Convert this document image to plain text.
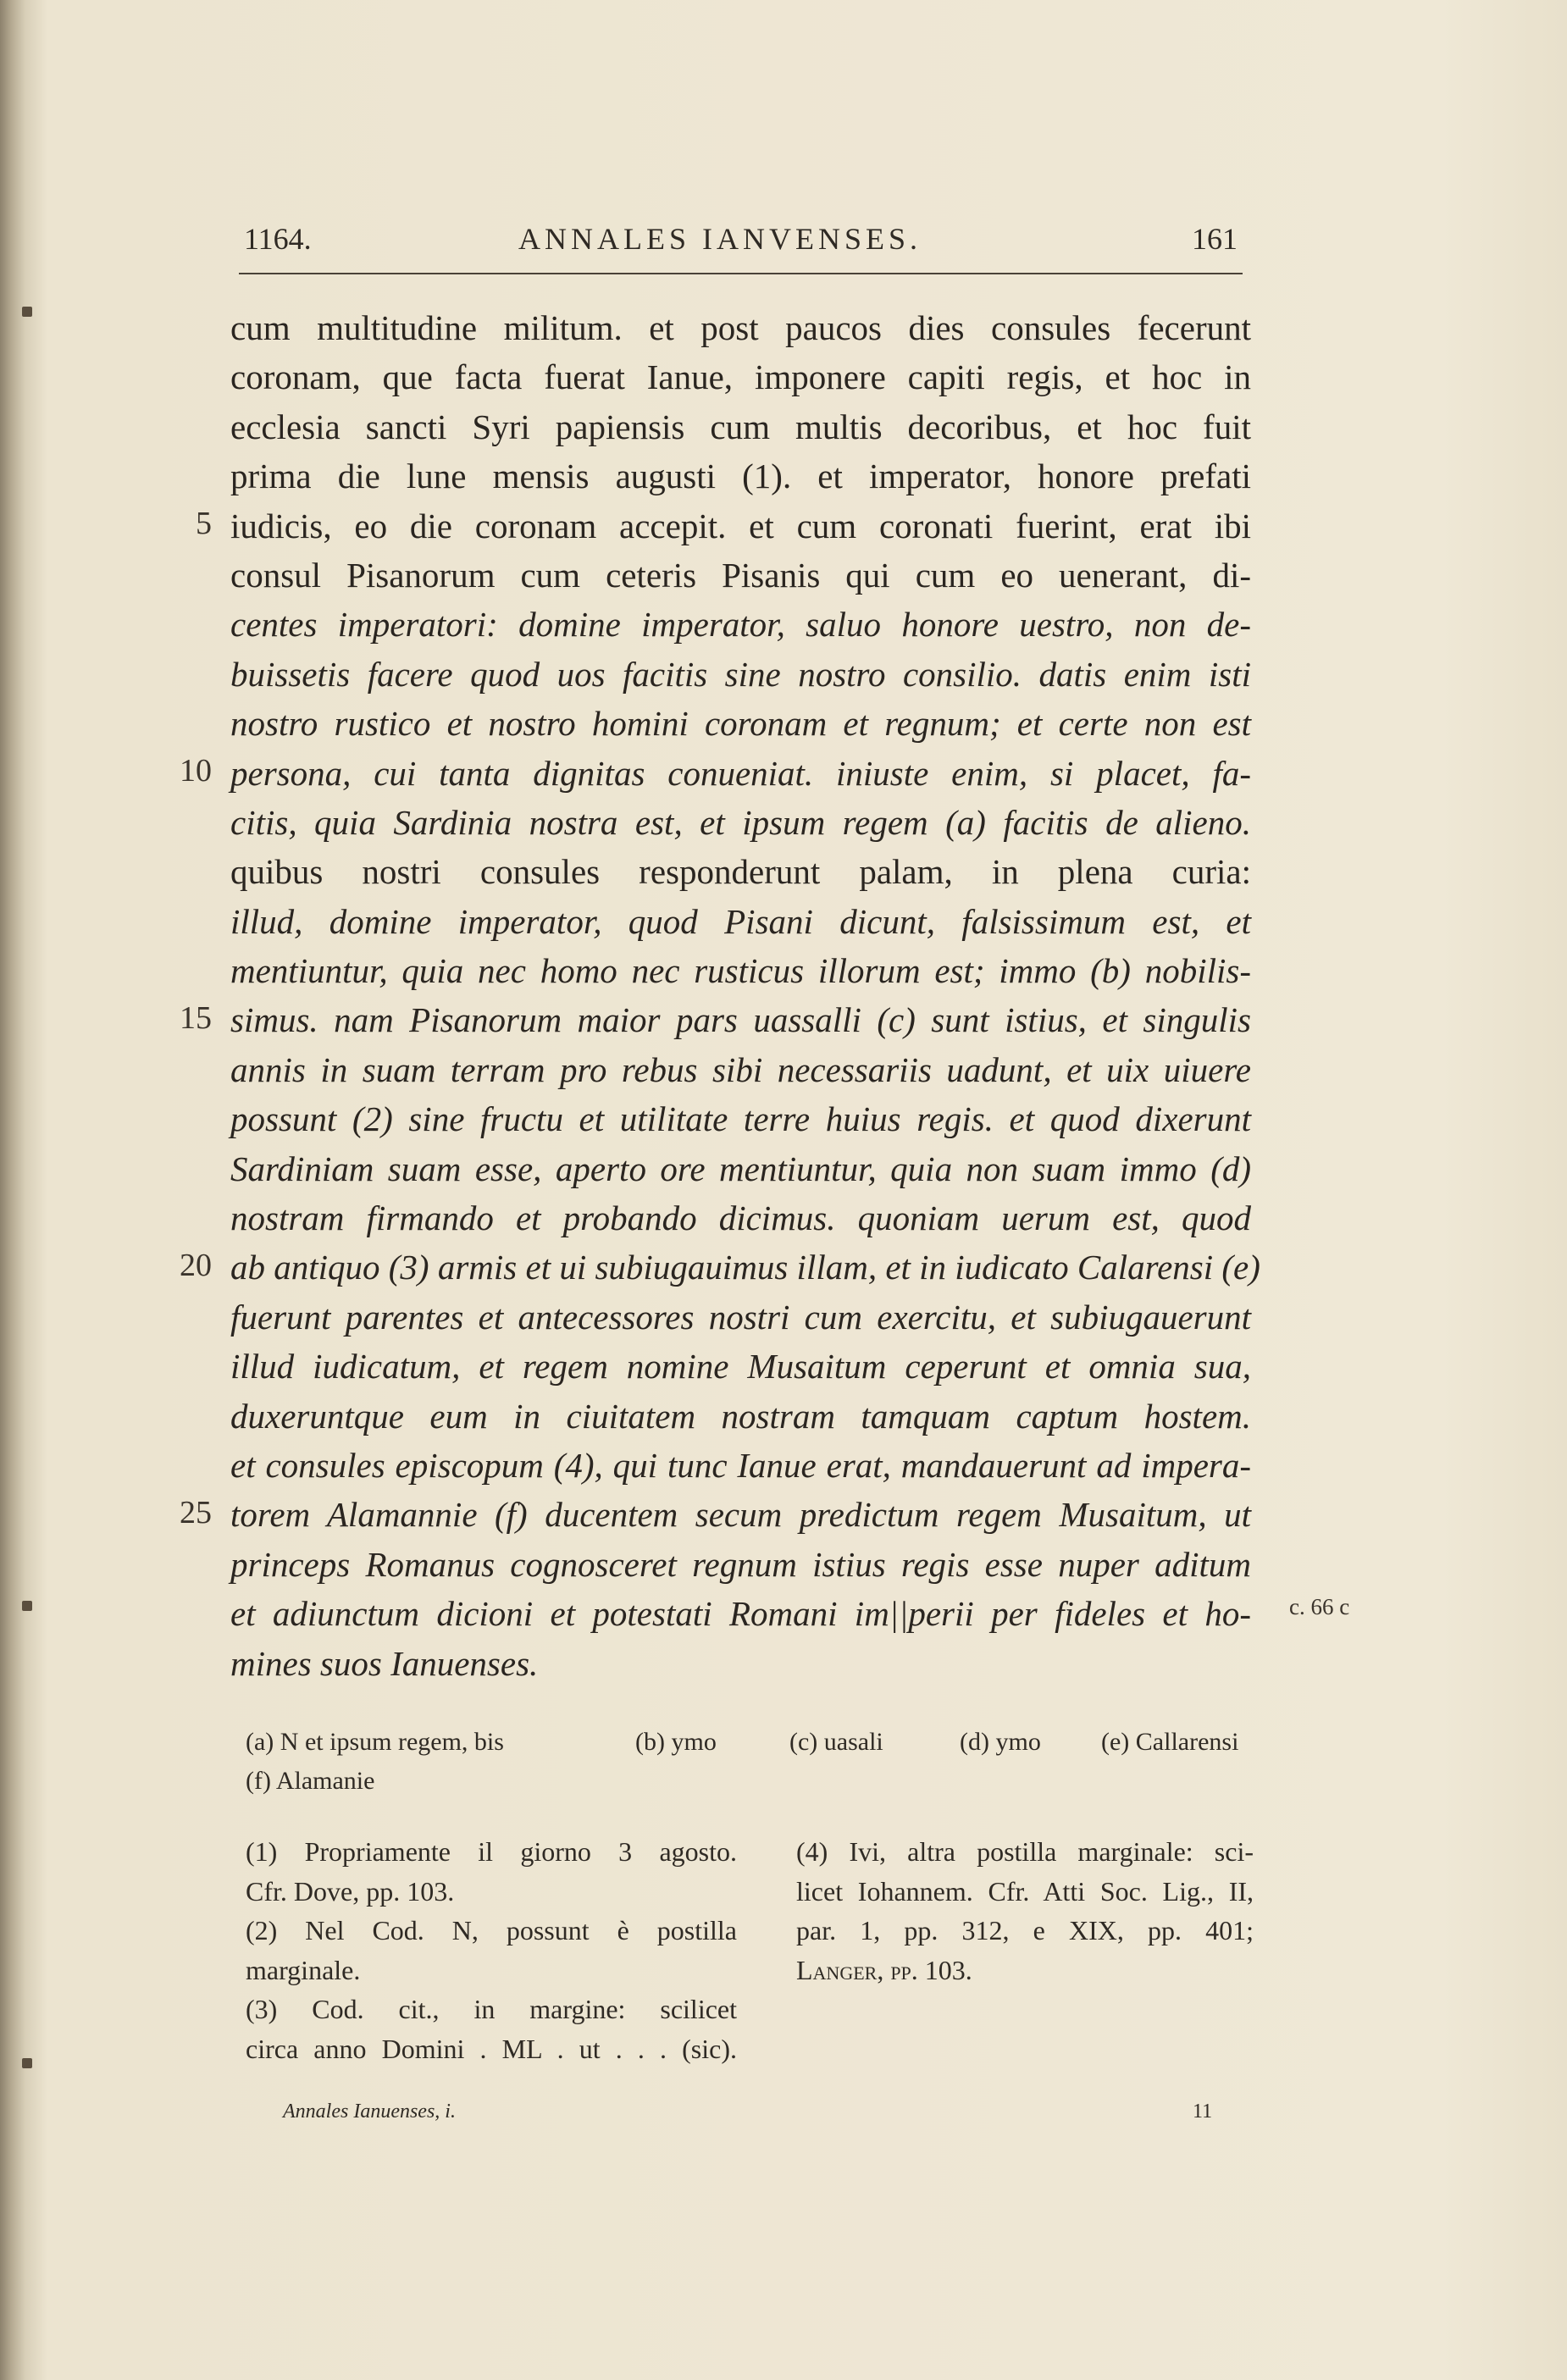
1164.	ANNALES IANVENSES.	161
cum multitudine militum. et post paucos dies consules fecerunt
coronam, que facta fuerat Ianue, imponere capiti regis, et hoc in
ecclesia sancti Syri papiensis cum multis decoribus, et hoc fuit
prima die lune mensis augusti (1). et imperator, honore prefati
iudicis, eo die coronam accepit. et cum coronati fuerint, erat ibi
consul Pisanorum cum ceteris Pisanis qui cum eo uenerant, di-
centes imperatori: domine imperator, saluo honore uestro, non de-
buissetis facere quod uos facitis sine nostro consilio. datis enim isti
nostro rustico et nostro homini coronam et regnum; et certe non est
persona, cui tanta dignitas conueniat. iniuste enim, si placet, fa-
citis, quia Sardinia nostra est, et ipsum regem (a) facitis de alieno.
quibus nostri consules responderunt palam, in plena curia:
illud, domine imperator, quod Pisani dicunt, falsissimum est, et
mentiuntur, quia nec homo nec rusticus illorum est; immo (b) nobilis-
simus. nam Pisanorum maior pars uassalli (c) sunt istius, et singulis
annis in suam terram pro rebus sibi necessariis uadunt, et uix uiuere
possunt (2) sine fructu et utilitate terre huius regis. et quod dixerunt
Sardiniam suam esse, aperto ore mentiuntur, quia non suam immo (d)
nostram firmando et probando dicimus. quoniam uerum est, quod
ab antiquo (3) armis et ui subiugauimus illam, et in iudicato Calarensi (e)
fuerunt parentes et antecessores nostri cum exercitu, et subiugauerunt
illud iudicatum, et regem nomine Musaitum ceperunt et omnia sua,
duxeruntque eum in ciuitatem nostram tamquam captum hostem.
et consules episcopum (4), qui tunc Ianue erat, mandauerunt ad impera-
torem Alamannie (f) ducentem secum predictum regem Musaitum, ut
princeps Romanus cognosceret regnum istius regis esse nuper aditum
et adiunctum dicioni et potestati Romani im||perii per fideles et ho-
mines suos Ianuenses.
5
10
15
20
25
c. 66 c
(a) N et ipsum regem, bis	(b) ymo	(c) uasali	(d) ymo (e) Callarensi
(f) Alamanie
(1) Propriamente il giorno 3 agosto.
Cfr. Dove, pp. 103.
(2) Nel Cod. N, possunt è postilla
marginale.
(3) Cod. cit., in margine: scilicet
circa anno Domini . ML . ut . . . (sic).
(4) Ivi, altra postilla marginale: sci-
licet Iohannem. Cfr. Atti Soc. Lig., II,
par. 1, pp. 312, e XIX, pp. 401;
Langer, pp. 103.
Annales Ianuenses, i.	11
